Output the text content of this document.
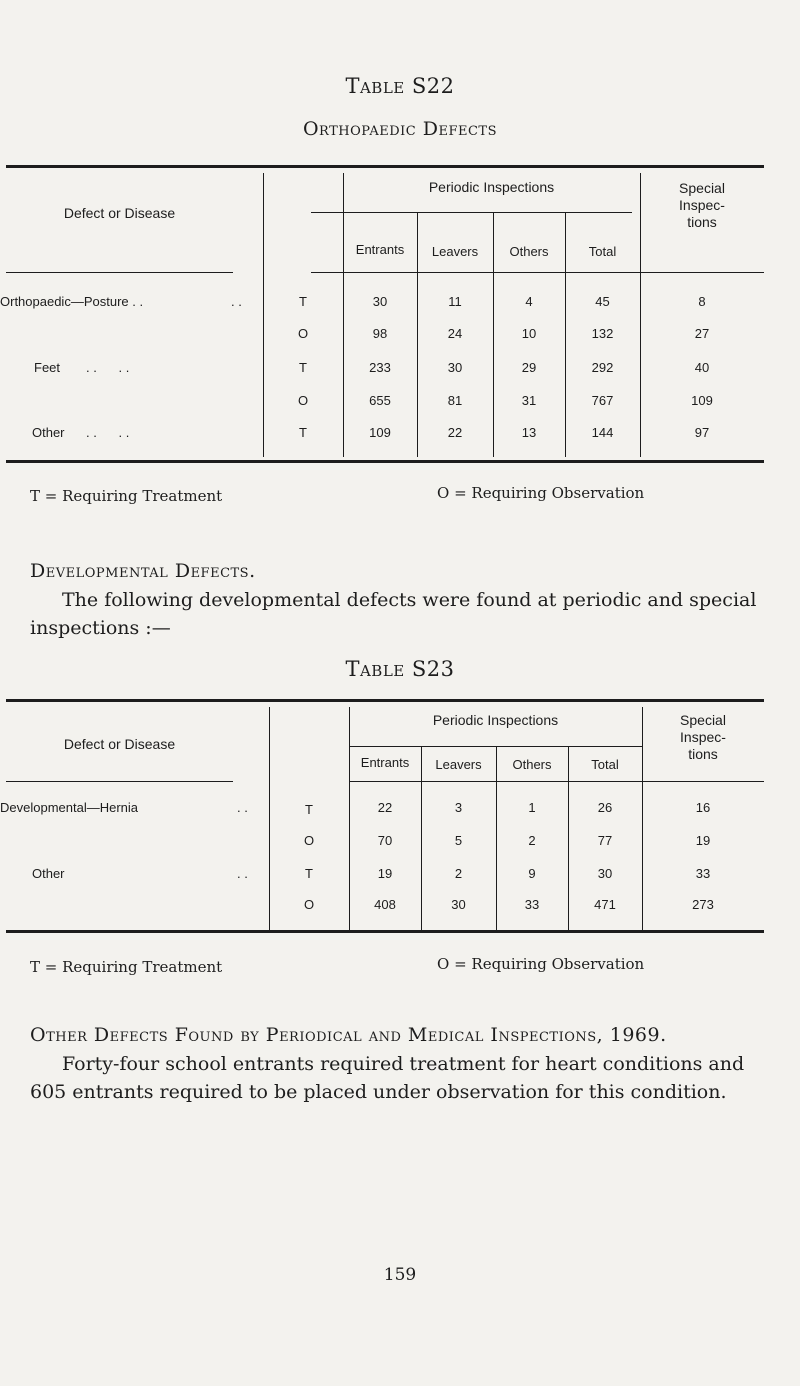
Table S22
Orthopaedic Defects
Defect or Disease
Periodic Inspections
Entrants	Leavers	Others	Total
Special
Inspec-
tions
Orthopaedic—Posture . .	. .	T	30	11	4	45	8
O	98	24	10	132	27
Feet . .      . .	T	233	30	29	292	40
O	655	81	31	767	109
Other . .      . .	T	109	22	13	144	97
T = Requiring Treatment	O = Requiring Observation
Developmental Defects.
The following developmental defects were found at periodic and special inspections :—
Table S23
Defect or Disease
Periodic Inspections
Entrants	Leavers	Others	Total
Special
Inspec-
tions
Developmental—Hernia	. .	T	22	3	1	26	16
O	70	5	2	77	19
Other	. .	T	19	2	9	30	33
O	408	30	33	471	273
T = Requiring Treatment	O = Requiring Observation
Other Defects Found by Periodical and Medical Inspections, 1969.
Forty-four school entrants required treatment for heart conditions and 605 entrants required to be placed under observation for this condition.
159
